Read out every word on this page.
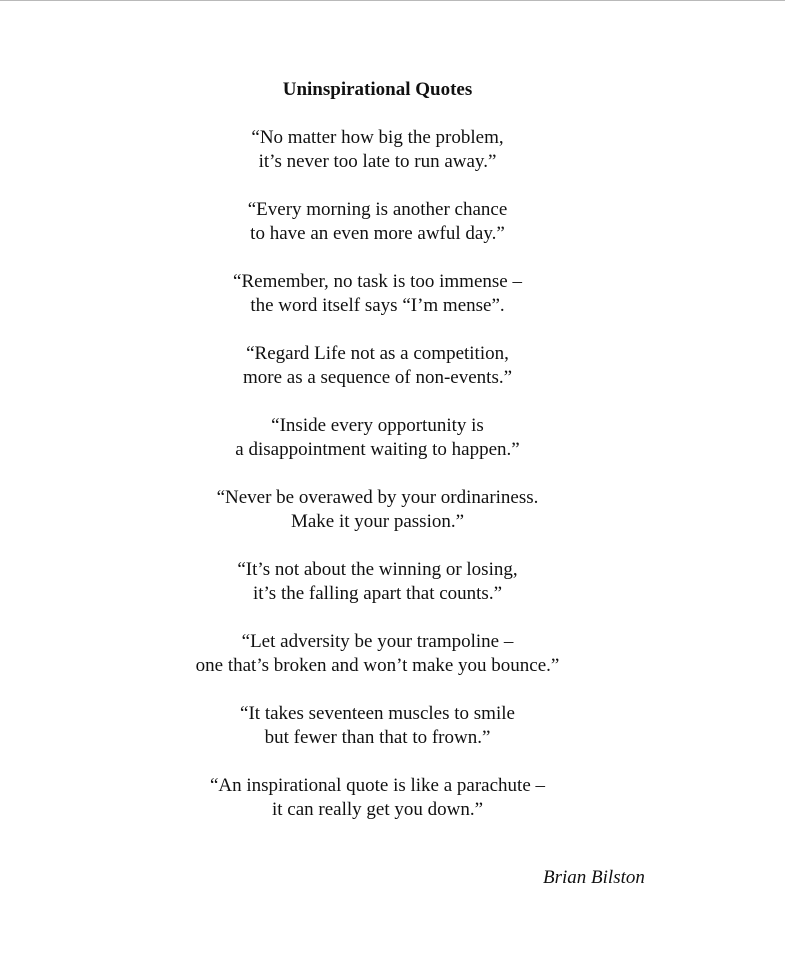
Uninspirational Quotes
“No matter how big the problem,
it’s never too late to run away.”
“Every morning is another chance
to have an even more awful day.”
“Remember, no task is too immense –
the word itself says “I’m mense”.
“Regard Life not as a competition,
more as a sequence of non-events.”
“Inside every opportunity is
a disappointment waiting to happen.”
“Never be overawed by your ordinariness.
Make it your passion.”
“It’s not about the winning or losing,
it’s the falling apart that counts.”
“Let adversity be your trampoline –
one that’s broken and won’t make you bounce.”
“It takes seventeen muscles to smile
but fewer than that to frown.”
“An inspirational quote is like a parachute –
it can really get you down.”
Brian Bilston
